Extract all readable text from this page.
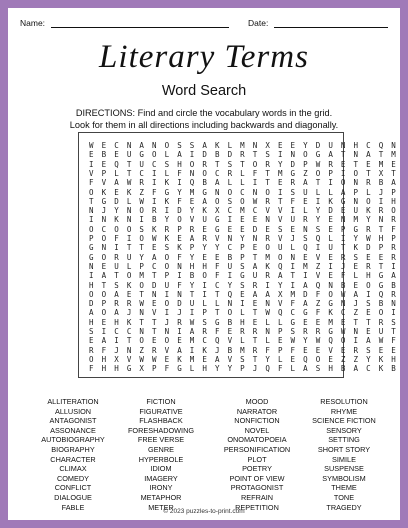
Name:	Date:
Literary Terms
Word Search
DIRECTIONS: Find and circle the vocabulary words in the grid.
Look for them in all directions including backwards and diagonally.
W	E	C	N	A	N	O	S	S	A	K	L	M	N	X	E	E	Y	D	U	N	H	C	Q	N
E	B	E	U	G	O	L	A	I	D	B	D	R	T	S	I	N	O	G	A	T	N	A	T	M
I	E	Q	T	U	C	S	H	O	R	T	S	T	O	R	Y	D	P	W	R	E	T	E	M	E
V	P	L	T	C	I	L	F	N	O	C	R	L	F	T	M	G	Z	O	P	I	O	T	X	T
F	V	A	W	R	I	K	I	Q	B	A	L	L	I	T	E	R	A	T	I	O	N	R	B	A
O	K	E	K	Z	F	G	Y	M	G	N	O	C	N	O	I	S	U	L	L	A	P	L	J	P
T	G	D	L	W	I	K	F	E	A	O	S	O	W	R	T	F	E	I	K	G	N	O	I	H
N	J	Y	N	O	R	I	D	Y	K	X	C	M	C	V	V	I	L	Y	D	E	U	K	R	O
I	N	K	N	I	B	Y	O	V	U	G	I	E	E	N	V	U	R	Y	E	N	M	Y	N	R
O	C	O	O	S	K	R	P	R	E	G	E	E	D	E	S	E	N	S	E	P	G	R	T	F
P	O	F	I	O	W	K	E	A	R	V	N	Y	N	R	V	J	S	Q	L	I	Y	W	H	P
G	N	I	T	T	E	S	K	P	Y	Y	C	P	E	O	U	L	Q	I	U	T	K	D	P	R
G	O	R	U	Y	A	O	F	Y	E	E	B	P	T	M	O	N	E	V	E	R	S	E	E	R
N	E	U	L	P	C	O	N	H	H	F	U	S	A	K	Q	I	M	Z	I	J	E	R	T	I
I	A	T	O	M	T	P	I	B	O	F	I	G	U	R	A	T	I	V	E	F	L	H	G	A
H	T	S	K	O	D	U	F	Y	I	C	Y	S	R	I	Y	I	A	Q	N	B	E	O	G	B
O	O	A	E	T	N	I	N	T	I	T	Q	E	A	A	X	M	D	F	O	W	A	I	Q	R
D	P	R	R	W	E	O	D	U	L	L	N	I	E	N	V	F	A	Z	G	N	J	S	B	N
A	O	A	J	N	V	I	J	I	P	T	O	L	T	W	Q	C	G	F	K	C	Z	E	O	I
H	E	H	K	T	T	J	R	W	S	G	B	H	E	L	L	G	E	E	M	E	T	T	R	S
S	I	C	C	N	T	N	I	A	R	F	E	R	R	N	P	S	R	R	G	W	N	E	U	T
E	A	I	T	O	E	O	E	M	C	Q	V	L	T	L	E	W	Y	W	Q	O	I	A	W	F
R	F	J	N	Z	R	V	A	I	K	J	B	M	R	F	P	F	E	E	V	E	R	S	E	E
O	H	X	V	W	W	E	K	M	E	A	V	S	T	Y	L	E	Q	O	E	Z	Z	Y	K	H
F	H	H	G	X	P	F	G	L	H	Y	Y	P	J	Q	F	L	A	S	H	B	A	C	K	B
ALLITERATION
ALLUSION
ANTAGONIST
ASSONANCE
AUTOBIOGRAPHY
BIOGRAPHY
CHARACTER
CLIMAX
COMEDY
CONFLICT
DIALOGUE
FABLE
FICTION
FIGURATIVE
FLASHBACK
FORESHADOWING
FREE VERSE
GENRE
HYPERBOLE
IDIOM
IMAGERY
IRONY
METAPHOR
METER
MOOD
NARRATOR
NONFICTION
NOVEL
ONOMATOPOEIA
PERSONIFICATION
PLOT
POETRY
POINT OF VIEW
PROTAGONIST
REFRAIN
REPETITION
RESOLUTION
RHYME
SCIENCE FICTION
SENSORY
SETTING
SHORT STORY
SIMILE
SUSPENSE
SYMBOLISM
THEME
TONE
TRAGEDY
© 2023 puzzles-to-print.com
